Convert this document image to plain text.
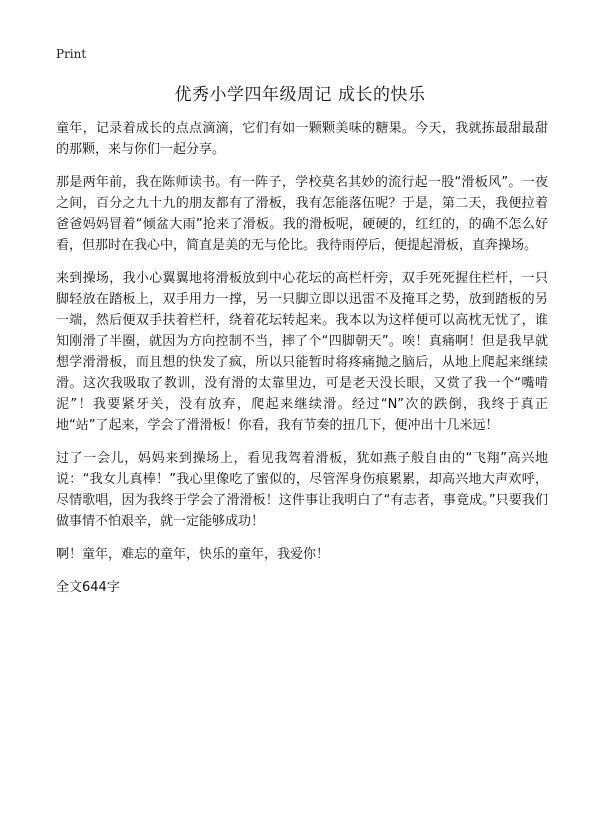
Print
优秀小学四年级周记 成长的快乐

童年，记录着成长的点点滴滴，它们有如一颗颗美味的糖果。今天，我就拣最甜最甜的那颗，来与你们一起分享。

那是两年前，我在陈师读书。有一阵子，学校莫名其妙的流行起一股“滑板风”。一夜之间，百分之九十九的朋友都有了滑板，我有怎能落伍呢？于是，第二天，我便拉着爸爸妈妈冒着“倾盆大雨”抢来了滑板。我的滑板呢，硬硬的，红红的，的确不怎么好看，但那时在我心中，简直是美的无与伦比。我待雨停后，便提起滑板，直奔操场。

来到操场，我小心翼翼地将滑板放到中心花坛的高栏杆旁，双手死死握住栏杆，一只脚轻放在踏板上，双手用力一撑，另一只脚立即以迅雷不及掩耳之势，放到踏板的另一端，然后便双手扶着栏杆，绕着花坛转起来。我本以为这样便可以高枕无忧了，谁知刚滑了半圈，就因为方向控制不当，摔了个“四脚朝天”。唉！真痛啊！但是我早就想学滑滑板，而且想的快发了疯，所以只能暂时将疼痛抛之脑后，从地上爬起来继续滑。这次我吸取了教训，没有滑的太靠里边，可是老天没长眼，又赏了我一个“嘴啃泥”！我要紧牙关，没有放弃，爬起来继续滑。经过“N”次的跌倒，我终于真正地“站”了起来，学会了滑滑板！你看，我有节奏的扭几下，便冲出十几米远！

过了一会儿，妈妈来到操场上，看见我驾着滑板，犹如燕子般自由的“飞翔”高兴地说：“我女儿真棒！”我心里像吃了蜜似的，尽管浑身伤痕累累，却高兴地大声欢呼，尽情歌唱，因为我终于学会了滑滑板！这件事让我明白了“有志者，事竟成。”只要我们做事情不怕艰辛，就一定能够成功！

啊！童年，难忘的童年，快乐的童年，我爱你！

全文644字
